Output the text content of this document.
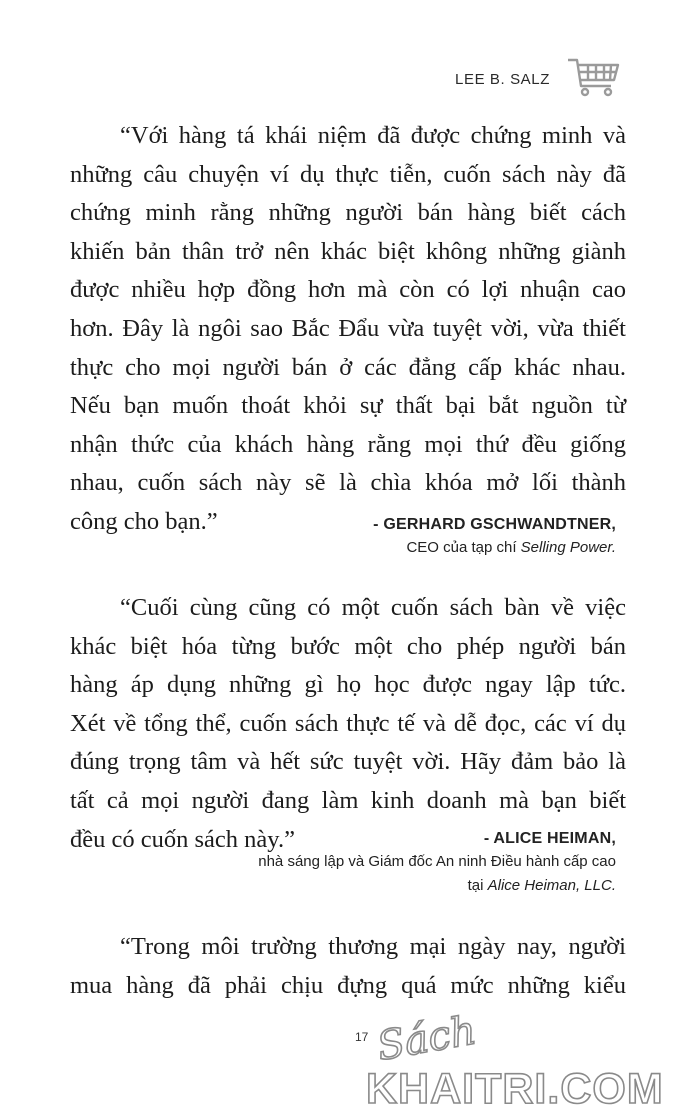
LEE B. SALZ

“Với hàng tá khái niệm đã được chứng minh và
những câu chuyện ví dụ thực tiễn, cuốn sách này đã
chứng minh rằng những người bán hàng biết cách
khiến bản thân trở nên khác biệt không những giành
được nhiều hợp đồng hơn mà còn có lợi nhuận cao
hơn. Đây là ngôi sao Bắc Đẩu vừa tuyệt vời, vừa thiết
thực cho mọi người bán ở các đẳng cấp khác nhau.
Nếu bạn muốn thoát khỏi sự thất bại bắt nguồn từ
nhận thức của khách hàng rằng mọi thứ đều giống
nhau, cuốn sách này sẽ là chìa khóa mở lối thành
công cho bạn.”	- GERHARD GSCHWANDTNER,
CEO của tạp chí Selling Power.

“Cuối cùng cũng có một cuốn sách bàn về việc
khác biệt hóa từng bước một cho phép người bán
hàng áp dụng những gì họ học được ngay lập tức.
Xét về tổng thể, cuốn sách thực tế và dễ đọc, các ví dụ
đúng trọng tâm và hết sức tuyệt vời. Hãy đảm bảo là
tất cả mọi người đang làm kinh doanh mà bạn biết
đều có cuốn sách này.”	- ALICE HEIMAN,
nhà sáng lập và Giám đốc An ninh Điều hành cấp cao
tại Alice Heiman, LLC.

“Trong môi trường thương mại ngày nay, người
mua hàng đã phải chịu đựng quá mức những kiểu

17 Sách
KHAITRI.COM
